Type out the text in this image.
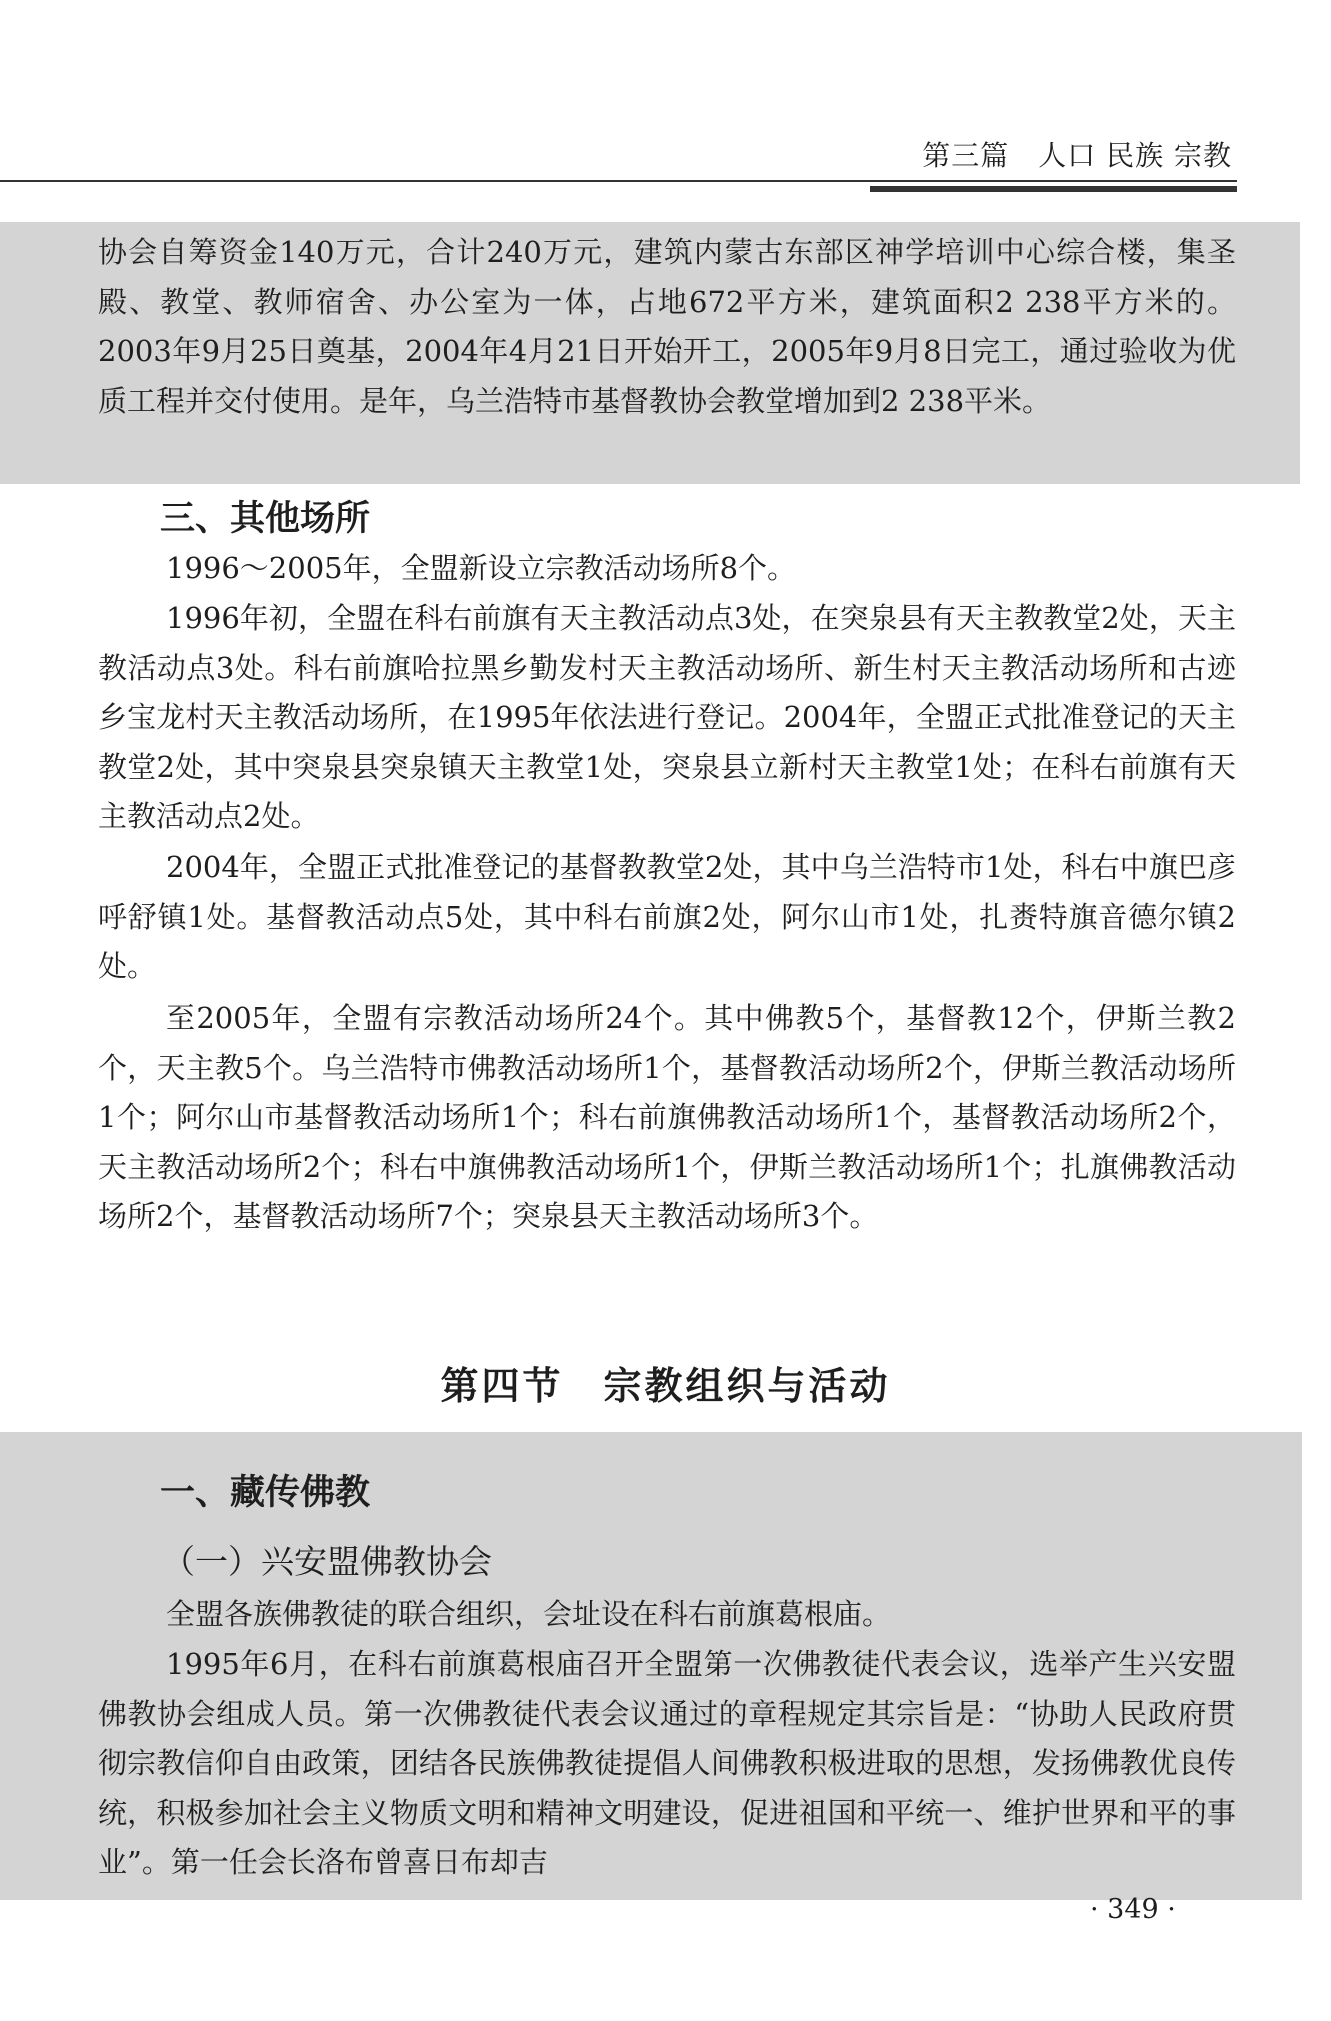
第三篇　人口 民族 宗教
协会自筹资金140万元，合计240万元，建筑内蒙古东部区神学培训中心综合楼，集圣殿、教堂、教师宿舍、办公室为一体，占地672平方米，建筑面积2 238平方米的。2003年9月25日奠基，2004年4月21日开始开工，2005年9月8日完工，通过验收为优质工程并交付使用。是年，乌兰浩特市基督教协会教堂增加到2 238平米。
三、其他场所
1996～2005年，全盟新设立宗教活动场所8个。
1996年初，全盟在科右前旗有天主教活动点3处，在突泉县有天主教教堂2处，天主教活动点3处。科右前旗哈拉黑乡勤发村天主教活动场所、新生村天主教活动场所和古迹乡宝龙村天主教活动场所，在1995年依法进行登记。2004年，全盟正式批准登记的天主教堂2处，其中突泉县突泉镇天主教堂1处，突泉县立新村天主教堂1处；在科右前旗有天主教活动点2处。
2004年，全盟正式批准登记的基督教教堂2处，其中乌兰浩特市1处，科右中旗巴彦呼舒镇1处。基督教活动点5处，其中科右前旗2处，阿尔山市1处，扎赉特旗音德尔镇2处。
至2005年，全盟有宗教活动场所24个。其中佛教5个，基督教12个，伊斯兰教2个，天主教5个。乌兰浩特市佛教活动场所1个，基督教活动场所2个，伊斯兰教活动场所1个；阿尔山市基督教活动场所1个；科右前旗佛教活动场所1个，基督教活动场所2个，天主教活动场所2个；科右中旗佛教活动场所1个，伊斯兰教活动场所1个；扎旗佛教活动场所2个，基督教活动场所7个；突泉县天主教活动场所3个。
第四节 宗教组织与活动
一、藏传佛教
（一）兴安盟佛教协会
全盟各族佛教徒的联合组织，会址设在科右前旗葛根庙。
1995年6月，在科右前旗葛根庙召开全盟第一次佛教徒代表会议，选举产生兴安盟佛教协会组成人员。第一次佛教徒代表会议通过的章程规定其宗旨是：“协助人民政府贯彻宗教信仰自由政策，团结各民族佛教徒提倡人间佛教积极进取的思想，发扬佛教优良传统，积极参加社会主义物质文明和精神文明建设，促进祖国和平统一、维护世界和平的事业”。第一任会长洛布曾喜日布却吉
· 349 ·
